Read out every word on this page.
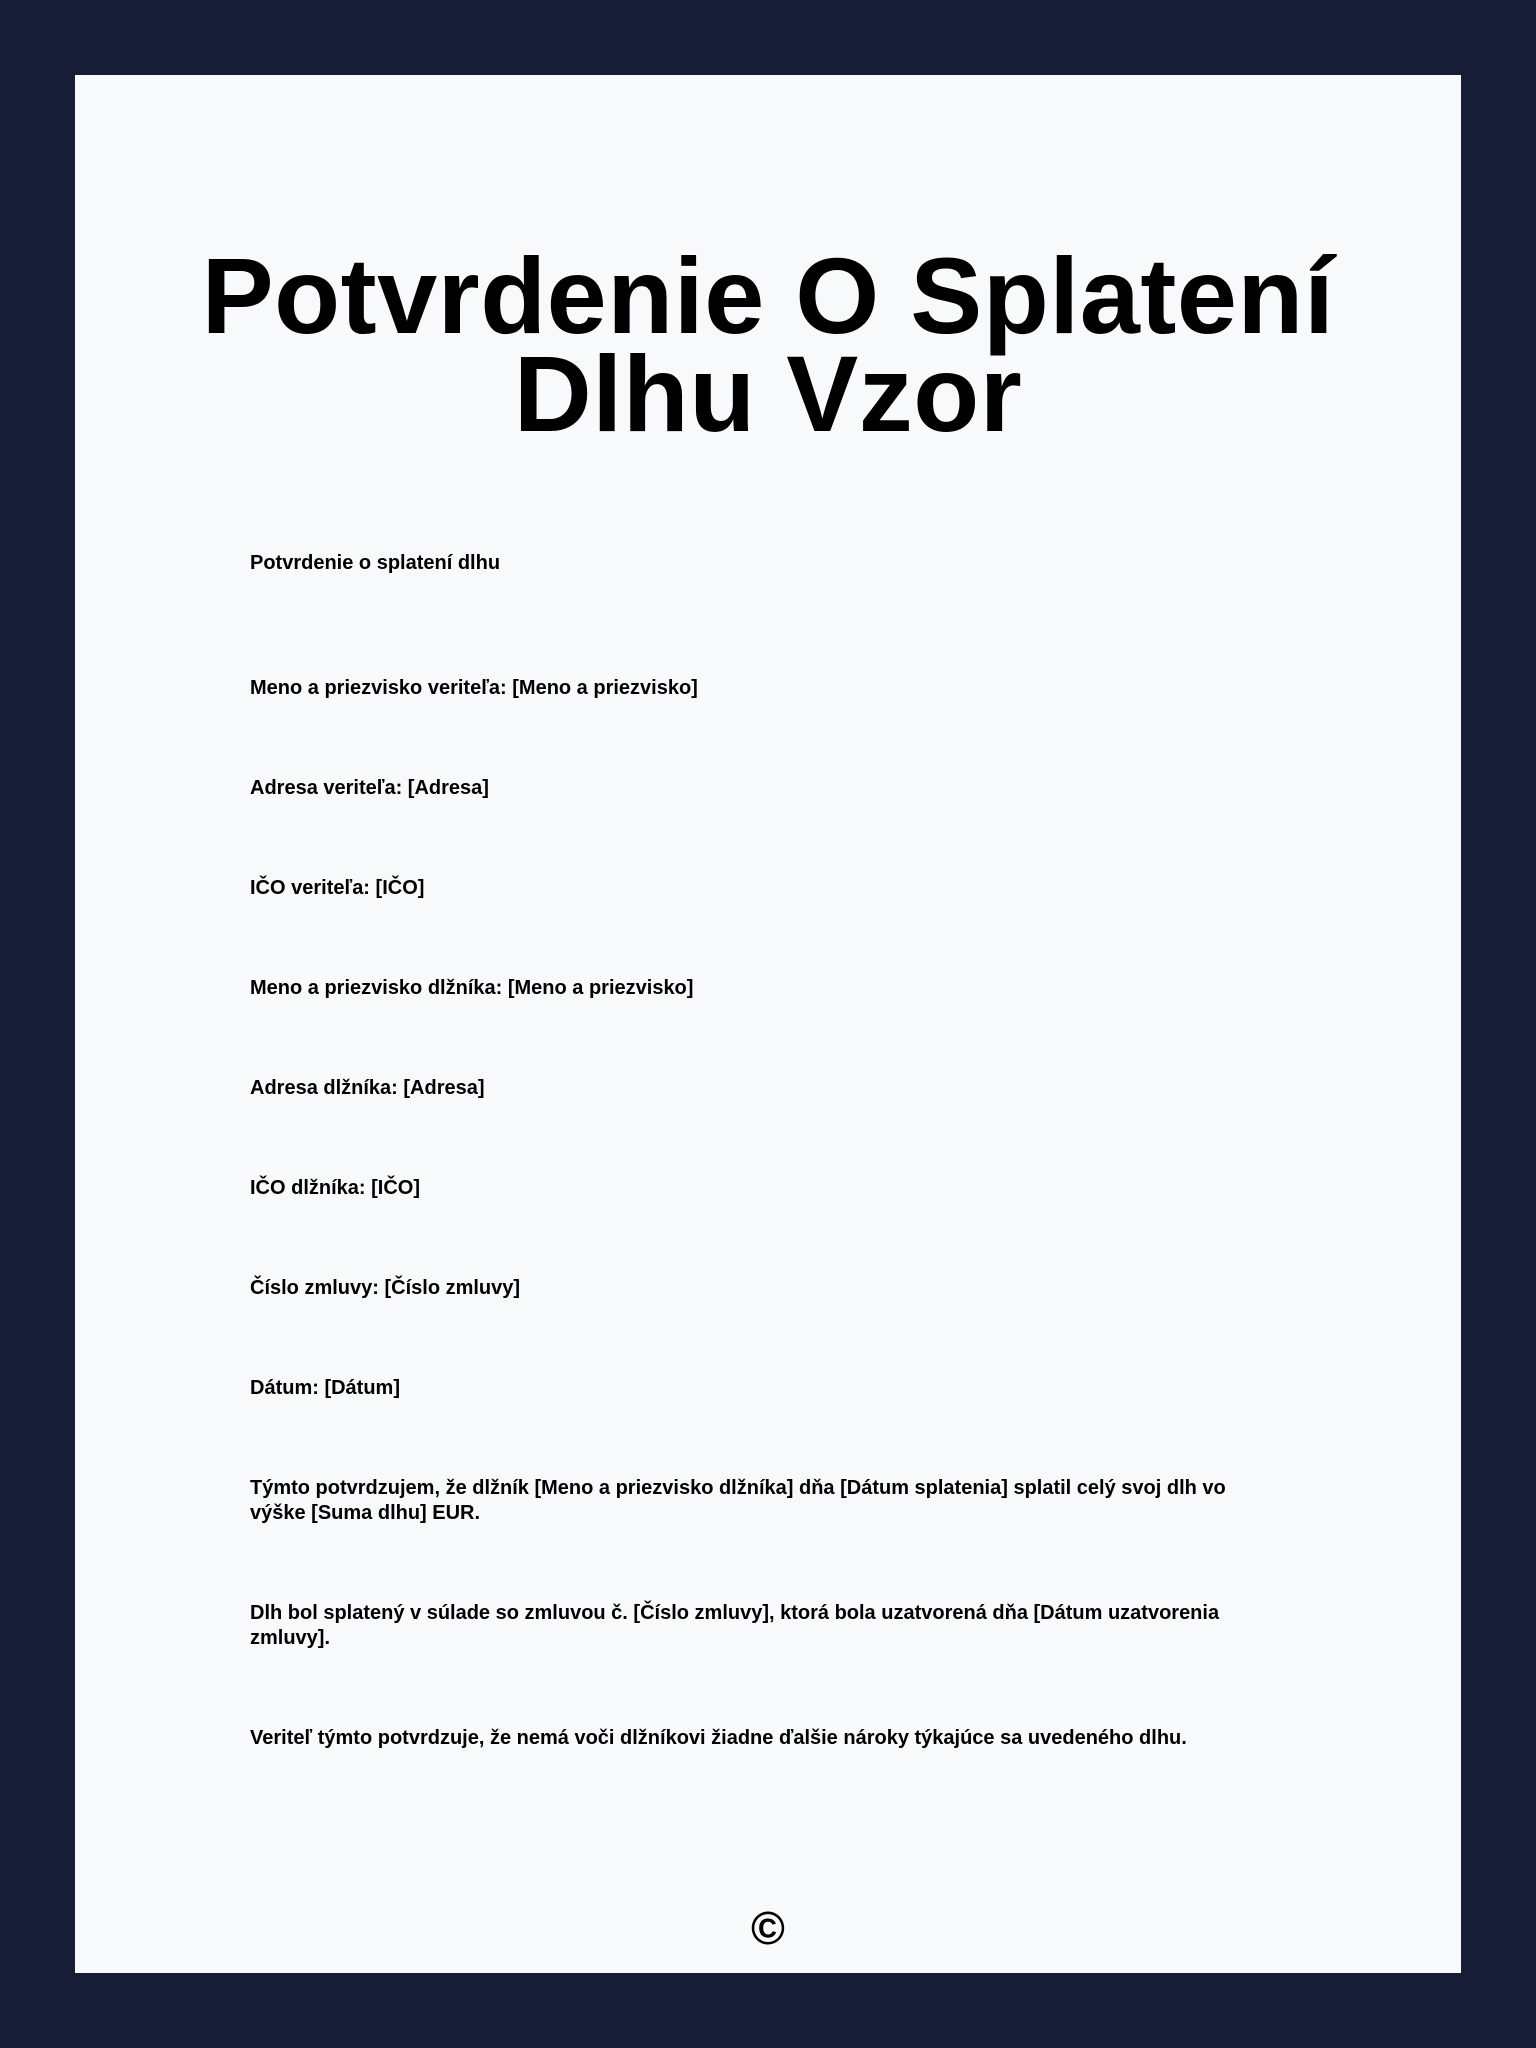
Potvrdenie O Splatení Dlhu Vzor

Potvrdenie o splatení dlhu

Meno a priezvisko veriteľa: [Meno a priezvisko]

Adresa veriteľa: [Adresa]

IČO veriteľa: [IČO]

Meno a priezvisko dlžníka: [Meno a priezvisko]

Adresa dlžníka: [Adresa]

IČO dlžníka: [IČO]

Číslo zmluvy: [Číslo zmluvy]

Dátum: [Dátum]

Týmto potvrdzujem, že dlžník [Meno a priezvisko dlžníka] dňa [Dátum splatenia] splatil celý svoj dlh vo výške [Suma dlhu] EUR.

Dlh bol splatený v súlade so zmluvou č. [Číslo zmluvy], ktorá bola uzatvorená dňa [Dátum uzatvorenia zmluvy].

Veriteľ týmto potvrdzuje, že nemá voči dlžníkovi žiadne ďalšie nároky týkajúce sa uvedeného dlhu.

©
